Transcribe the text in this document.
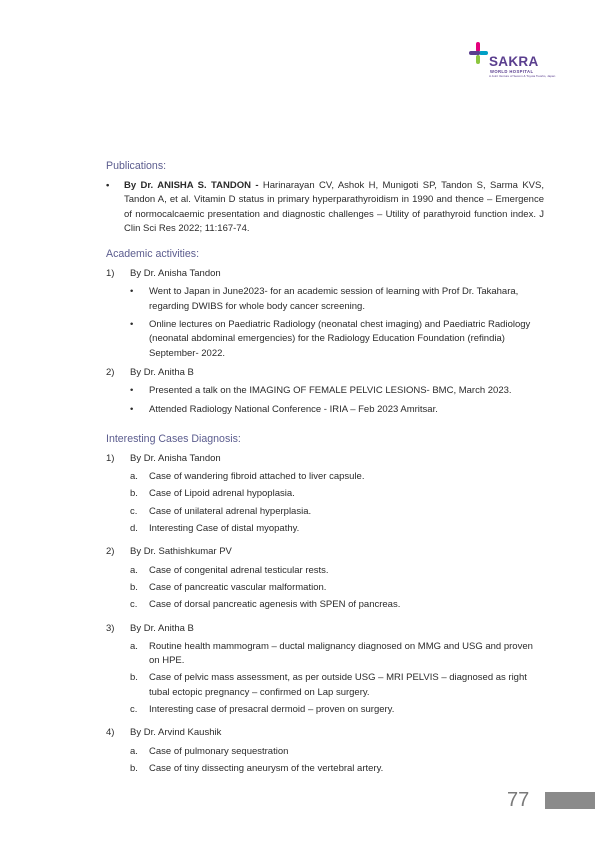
SAKRA
WORLD HOSPITAL
A Joint Venture of Secom & Toyota Tsusho, Japan

Publications:

•	By Dr. ANISHA S. TANDON - Harinarayan CV, Ashok H, Munigoti SP, Tandon S, Sarma KVS, Tandon A, et al. Vitamin D status in primary hyperparathyroidism in 1990 and thence – Emergence of normocalcaemic presentation and diagnostic challenges – Utility of parathyroid function index. J Clin Sci Res 2022; 11:167-74.

Academic activities:

1)	By Dr. Anisha Tandon
•	Went to Japan in June2023- for an academic session of learning with Prof Dr. Takahara, regarding DWIBS for whole body cancer screening.
•	Online lectures on Paediatric Radiology (neonatal chest imaging) and Paediatric Radiology (neonatal abdominal emergencies) for the Radiology Education Foundation (refindia) September- 2022.
2)	By Dr. Anitha B
•	Presented a talk on the IMAGING OF FEMALE PELVIC LESIONS- BMC, March 2023.
•	Attended Radiology National Conference - IRIA – Feb 2023 Amritsar.

Interesting Cases Diagnosis:

1)	By Dr. Anisha Tandon
a.	Case of wandering fibroid attached to liver capsule.
b.	Case of Lipoid adrenal hypoplasia.
c.	Case of unilateral adrenal hyperplasia.
d.	Interesting Case of distal myopathy.
2)	By Dr. Sathishkumar PV
a.	Case of congenital adrenal testicular rests.
b.	Case of pancreatic vascular malformation.
c.	Case of dorsal pancreatic agenesis with SPEN of pancreas.
3)	By Dr. Anitha B
a.	Routine health mammogram – ductal malignancy diagnosed on MMG and USG and proven on HPE.
b.	Case of pelvic mass assessment, as per outside USG – MRI PELVIS – diagnosed as right tubal ectopic pregnancy – confirmed on Lap surgery.
c.	Interesting case of presacral dermoid – proven on surgery.
4)	By Dr. Arvind Kaushik
a.	Case of pulmonary sequestration
b.	Case of tiny dissecting aneurysm of the vertebral artery.
77
